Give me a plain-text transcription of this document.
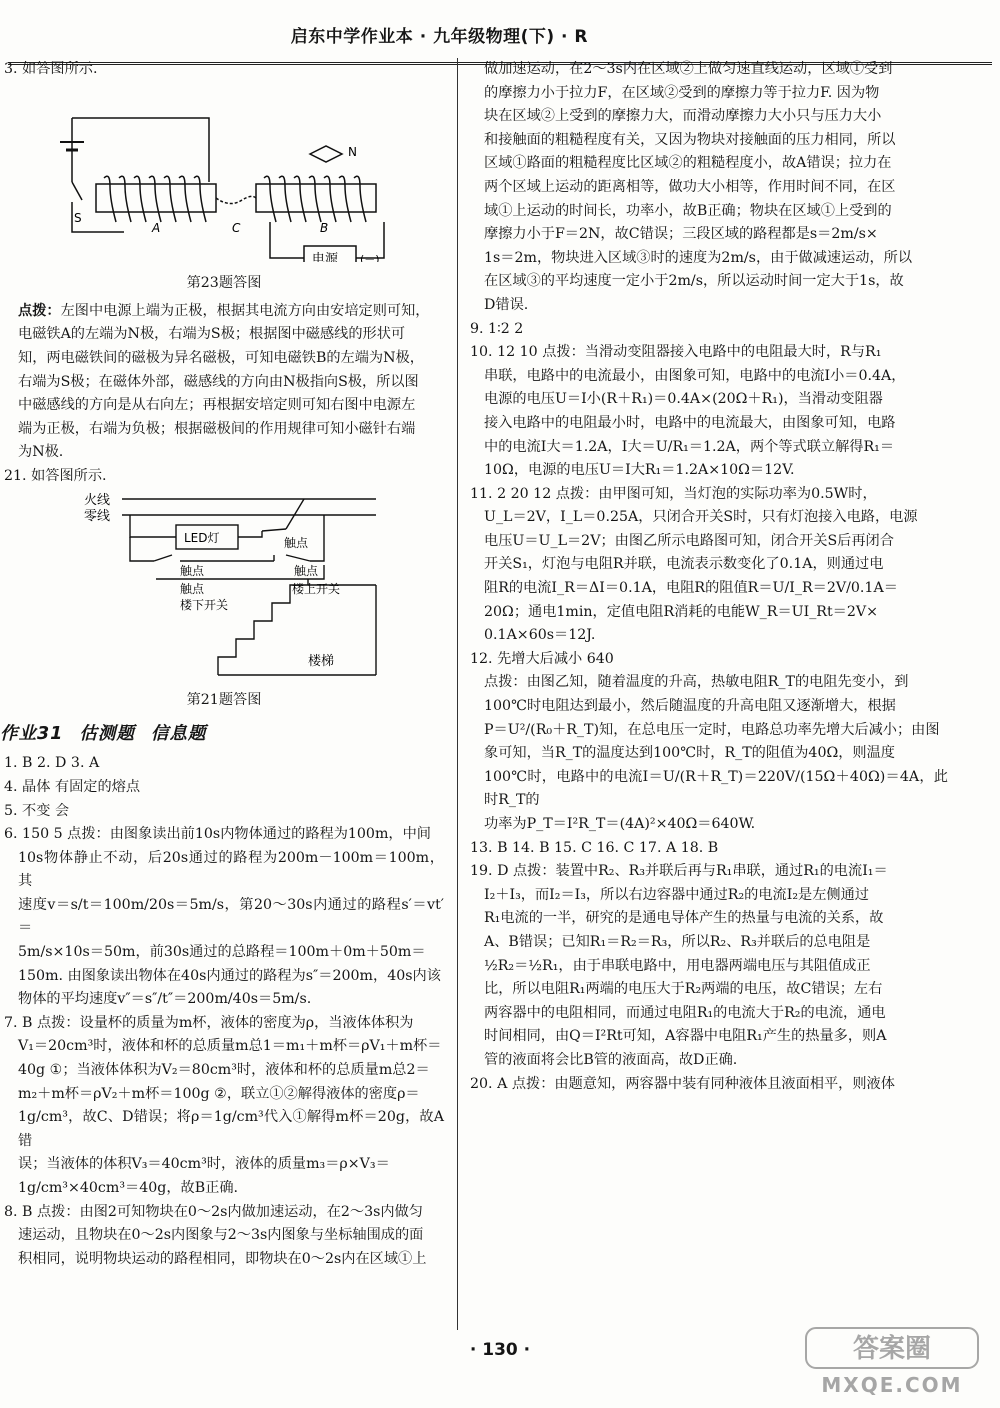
启东中学作业本 · 九年级物理(下) · R

3. 如答图所示.

S
A	C	B
N
电源 (－)

第23题答图

点拨：左图中电源上端为正极，根据其电流方向由安培定则可知，

电磁铁A的左端为N极，右端为S极；根据图中磁感线的形状可

知，两电磁铁间的磁极为异名磁极，可知电磁铁B的左端为N极，

右端为S极；在磁体外部，磁感线的方向由N极指向S极，所以图

中磁感线的方向是从右向左；再根据安培定则可知右图中电源左

端为正极，右端为负极；根据磁极间的作用规律可知小磁针右端

为N极.

21. 如答图所示.

火线
零线
LED灯	触点
触点	触点
触点	楼上开关
楼下开关
楼梯

第21题答图

作业31 估测题 信息题

1. B 2. D 3. A

4. 晶体 有固定的熔点

5. 不变 会

6. 150 5 点拨：由图象读出前10s内物体通过的路程为100m，中间

10s物体静止不动，后20s通过的路程为200m－100m＝100m，其

速度v＝s/t＝100m/20s＝5m/s，第20～30s内通过的路程s′＝vt′＝

5m/s×10s＝50m，前30s通过的总路程＝100m＋0m＋50m＝

150m. 由图象读出物体在40s内通过的路程为s″＝200m，40s内该

物体的平均速度v″＝s″/t″＝200m/40s＝5m/s.

7. B 点拨：设量杯的质量为m杯，液体的密度为ρ，当液体体积为

V₁＝20cm³时，液体和杯的总质量m总1＝m₁＋m杯＝ρV₁＋m杯＝

40g ①；当液体体积为V₂＝80cm³时，液体和杯的总质量m总2＝

m₂＋m杯＝ρV₂＋m杯＝100g ②，联立①②解得液体的密度ρ＝

1g/cm³，故C、D错误；将ρ＝1g/cm³代入①解得m杯＝20g，故A错

误；当液体的体积V₃＝40cm³时，液体的质量m₃＝ρ×V₃＝

1g/cm³×40cm³＝40g，故B正确.

8. B 点拨：由图2可知物块在0～2s内做加速运动，在2～3s内做匀

速运动，且物块在0～2s内图象与2～3s内图象与坐标轴围成的面

积相同，说明物块运动的路程相同，即物块在0～2s内在区域①上

做加速运动，在2～3s内在区域②上做匀速直线运动，区域①受到

的摩擦力小于拉力F，在区域②受到的摩擦力等于拉力F. 因为物

块在区域②上受到的摩擦力大，而滑动摩擦力大小只与压力大小

和接触面的粗糙程度有关，又因为物块对接触面的压力相同，所以

区域①路面的粗糙程度比区域②的粗糙程度小，故A错误；拉力在

两个区域上运动的距离相等，做功大小相等，作用时间不同，在区

域①上运动的时间长，功率小，故B正确；物块在区域①上受到的

摩擦力小于F＝2N，故C错误；三段区域的路程都是s＝2m/s×

1s＝2m，物块进入区域③时的速度为2m/s，由于做减速运动，所以

在区域③的平均速度一定小于2m/s，所以运动时间一定大于1s，故

D错误.

9. 1∶2 2

10. 12 10 点拨：当滑动变阻器接入电路中的电阻最大时，R与R₁

串联，电路中的电流最小，由图象可知，电路中的电流I小＝0.4A，

电源的电压U＝I小(R＋R₁)＝0.4A×(20Ω＋R₁)，当滑动变阻器

接入电路中的电阻最小时，电路中的电流最大，由图象可知，电路

中的电流I大＝1.2A，I大＝U/R₁＝1.2A，两个等式联立解得R₁＝

10Ω，电源的电压U＝I大R₁＝1.2A×10Ω＝12V.

11. 2 20 12 点拨：由甲图可知，当灯泡的实际功率为0.5W时，

U_L＝2V，I_L＝0.25A，只闭合开关S时，只有灯泡接入电路，电源

电压U＝U_L＝2V；由图乙所示电路图可知，闭合开关S后再闭合

开关S₁，灯泡与电阻R并联，电流表示数变化了0.1A，则通过电

阻R的电流I_R＝ΔI＝0.1A，电阻R的阻值R＝U/I_R＝2V/0.1A＝

20Ω；通电1min，定值电阻R消耗的电能W_R＝UI_Rt＝2V×

0.1A×60s＝12J.

12. 先增大后减小 640

点拨：由图乙知，随着温度的升高，热敏电阻R_T的电阻先变小，到

100℃时电阻达到最小，然后随温度的升高电阻又逐渐增大，根据

P＝U²/(R₀＋R_T)知，在总电压一定时，电路总功率先增大后减小；由图

象可知，当R_T的温度达到100℃时，R_T的阻值为40Ω，则温度

100℃时，电路中的电流I＝U/(R＋R_T)＝220V/(15Ω＋40Ω)＝4A，此时R_T的

功率为P_T＝I²R_T＝(4A)²×40Ω＝640W.

13. B 14. B 15. C 16. C 17. A 18. B

19. D 点拨：装置中R₂、R₃并联后再与R₁串联，通过R₁的电流I₁＝

I₂＋I₃，而I₂＝I₃，所以右边容器中通过R₂的电流I₂是左侧通过

R₁电流的一半，研究的是通电导体产生的热量与电流的关系，故

A、B错误；已知R₁＝R₂＝R₃，所以R₂、R₃并联后的总电阻是

½R₂＝½R₁，由于串联电路中，用电器两端电压与其阻值成正

比，所以电阻R₁两端的电压大于R₂两端的电压，故C错误；左右

两容器中的电阻相同，而通过电阻R₁的电流大于R₂的电流，通电

时间相同，由Q＝I²Rt可知，A容器中电阻R₁产生的热量多，则A

管的液面将会比B管的液面高，故D正确.

20. A 点拨：由题意知，两容器中装有同种液体且液面相平，则液体

· 130 ·	答案圈
MXQE.COM
